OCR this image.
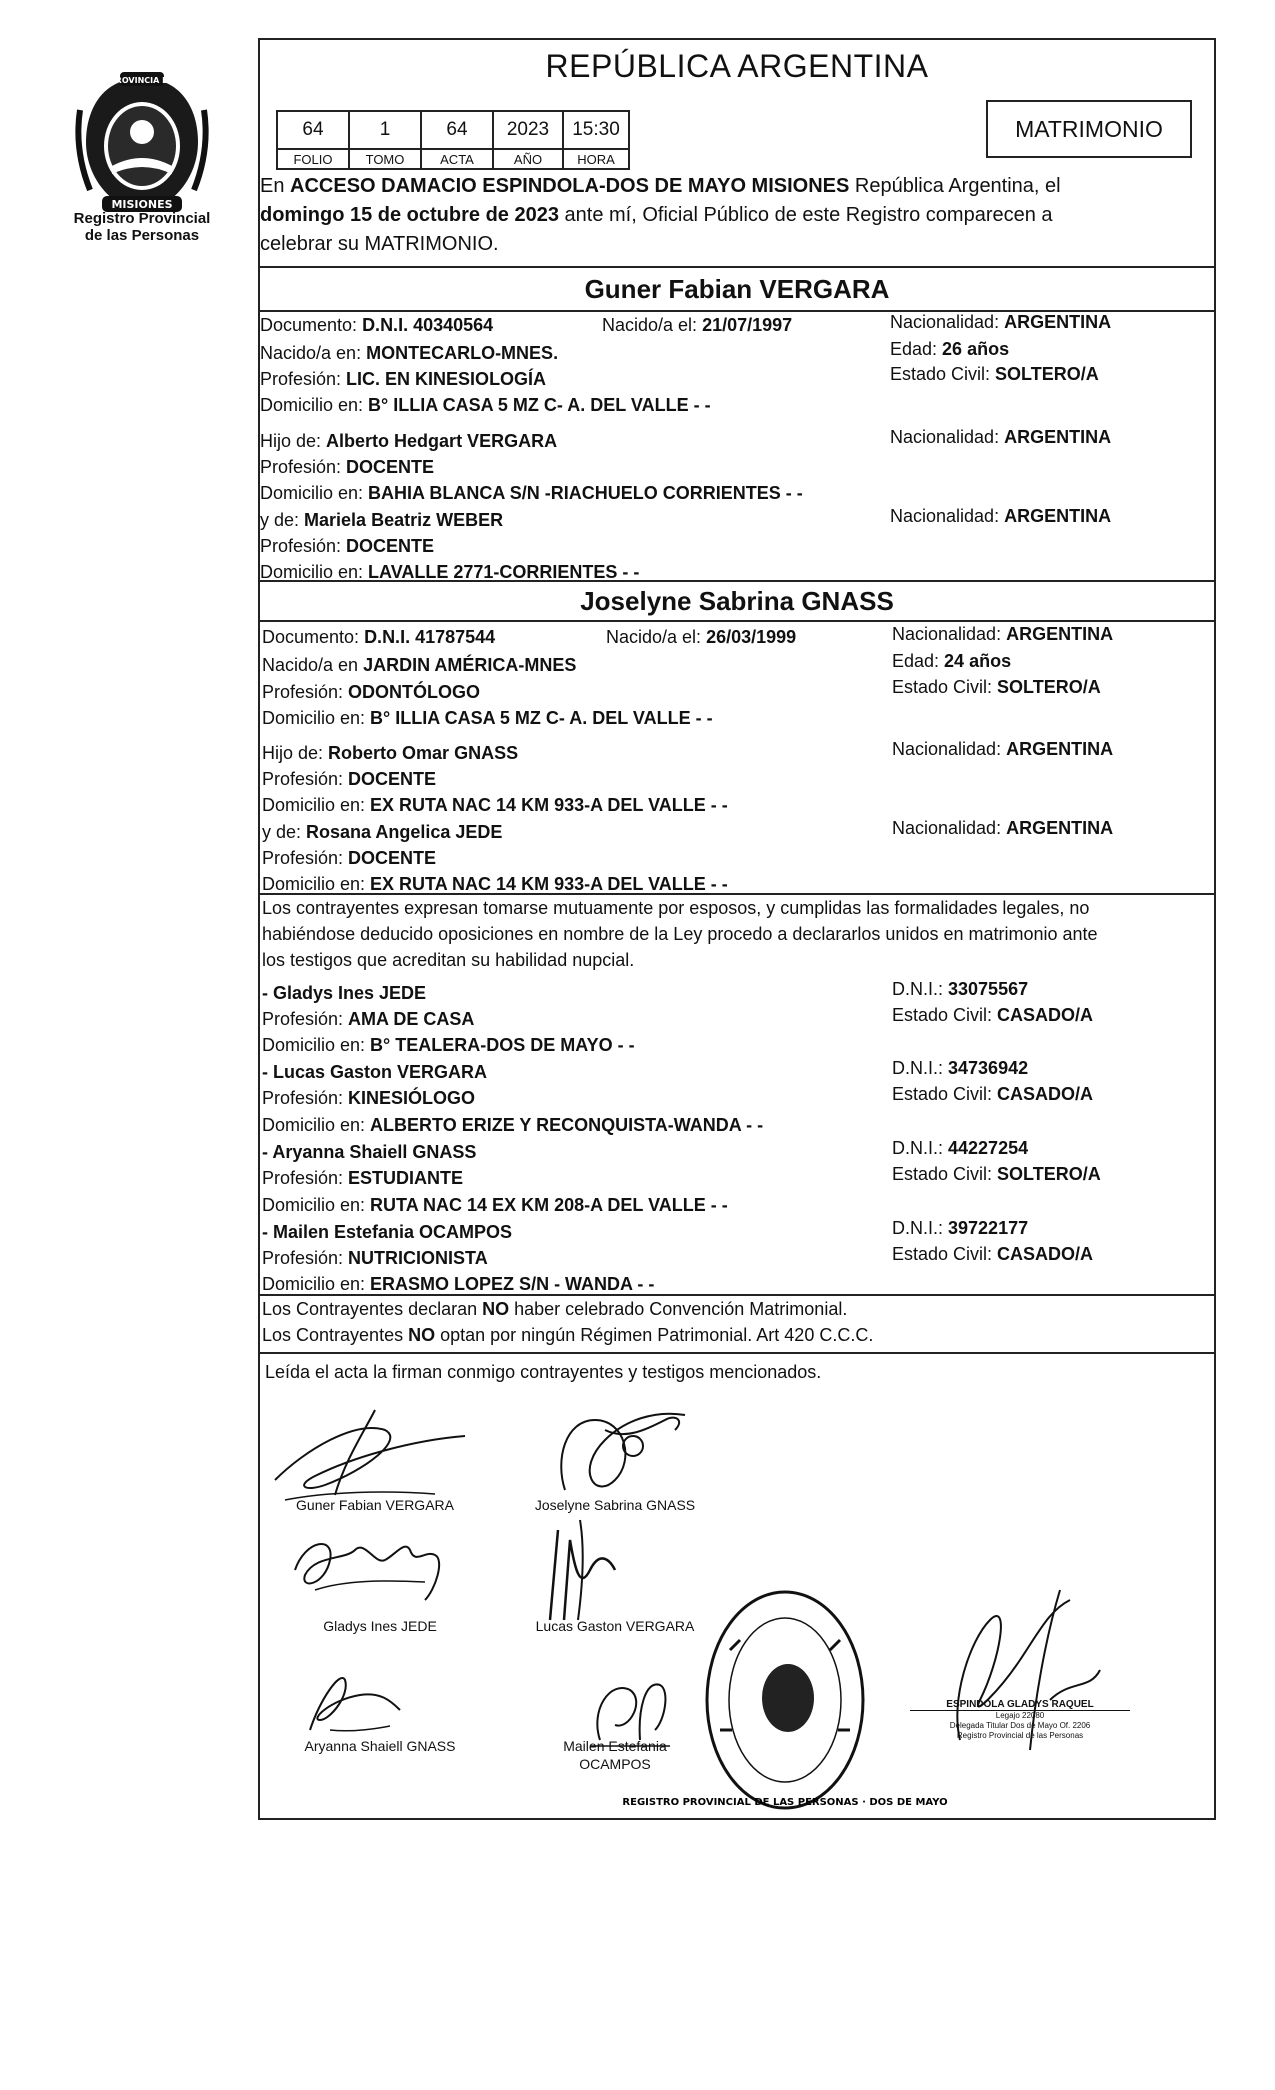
PROVINCIA DE
MISIONES
Registro Provincial
de las Personas
REPÚBLICA ARGENTINA
64	1	64	2023	15:30
FOLIO	TOMO	ACTA	AÑO	HORA
MATRIMONIO
En ACCESO DAMACIO ESPINDOLA-DOS DE MAYO MISIONES República Argentina, el
domingo 15 de octubre de 2023 ante mí, Oficial Público de este Registro comparecen a
celebrar su MATRIMONIO.
Guner Fabian VERGARA
Documento: D.N.I. 40340564	Nacido/a el: 21/07/1997	Nacionalidad: ARGENTINA
Nacido/a en: MONTECARLO-MNES.	Edad: 26 años
Profesión: LIC. EN KINESIOLOGÍA	Estado Civil: SOLTERO/A
Domicilio en: B° ILLIA CASA 5 MZ C- A. DEL VALLE - -
Hijo de: Alberto Hedgart VERGARA	Nacionalidad: ARGENTINA
Profesión: DOCENTE
Domicilio en: BAHIA BLANCA S/N -RIACHUELO CORRIENTES - -
y de: Mariela Beatriz WEBER	Nacionalidad: ARGENTINA
Profesión: DOCENTE
Domicilio en: LAVALLE 2771-CORRIENTES - -
Joselyne Sabrina GNASS
Documento: D.N.I. 41787544	Nacido/a el: 26/03/1999	Nacionalidad: ARGENTINA
Nacido/a en JARDIN AMÉRICA-MNES	Edad: 24 años
Profesión: ODONTÓLOGO	Estado Civil: SOLTERO/A
Domicilio en: B° ILLIA CASA 5 MZ C- A. DEL VALLE - -
Hijo de: Roberto Omar GNASS	Nacionalidad: ARGENTINA
Profesión: DOCENTE
Domicilio en: EX RUTA NAC 14 KM 933-A DEL VALLE - -
y de: Rosana Angelica JEDE	Nacionalidad: ARGENTINA
Profesión: DOCENTE
Domicilio en: EX RUTA NAC 14 KM 933-A DEL VALLE - -
Los contrayentes expresan tomarse mutuamente por esposos, y cumplidas las formalidades legales, no
habiéndose deducido oposiciones en nombre de la Ley procedo a declararlos unidos en matrimonio ante
los testigos que acreditan su habilidad nupcial.
- Gladys Ines JEDE	D.N.I.: 33075567
Profesión: AMA DE CASA	Estado Civil: CASADO/A
Domicilio en: B° TEALERA-DOS DE MAYO - -
- Lucas Gaston VERGARA	D.N.I.: 34736942
Profesión: KINESIÓLOGO	Estado Civil: CASADO/A
Domicilio en: ALBERTO ERIZE Y RECONQUISTA-WANDA - -
- Aryanna Shaiell GNASS	D.N.I.: 44227254
Profesión: ESTUDIANTE	Estado Civil: SOLTERO/A
Domicilio en: RUTA NAC 14 EX KM 208-A DEL VALLE - -
- Mailen Estefania OCAMPOS	D.N.I.: 39722177
Profesión: NUTRICIONISTA	Estado Civil: CASADO/A
Domicilio en: ERASMO LOPEZ S/N - WANDA - -
Los Contrayentes declaran NO haber celebrado Convención Matrimonial.
Los Contrayentes NO optan por ningún Régimen Patrimonial. Art 420 C.C.C.
Leída el acta la firman conmigo contrayentes y testigos mencionados.
Guner Fabian VERGARA	Joselyne Sabrina GNASS
Gladys Ines JEDE	Lucas Gaston VERGARA
Aryanna Shaiell GNASS	Mailen Estefania
OCAMPOS
REGISTRO PROVINCIAL DE LAS PERSONAS · DOS DE MAYO
ESPINDOLA GLADYS RAQUEL
Legajo 22080
Delegada Titular Dos de Mayo Of. 2206
Registro Provincial de las Personas
